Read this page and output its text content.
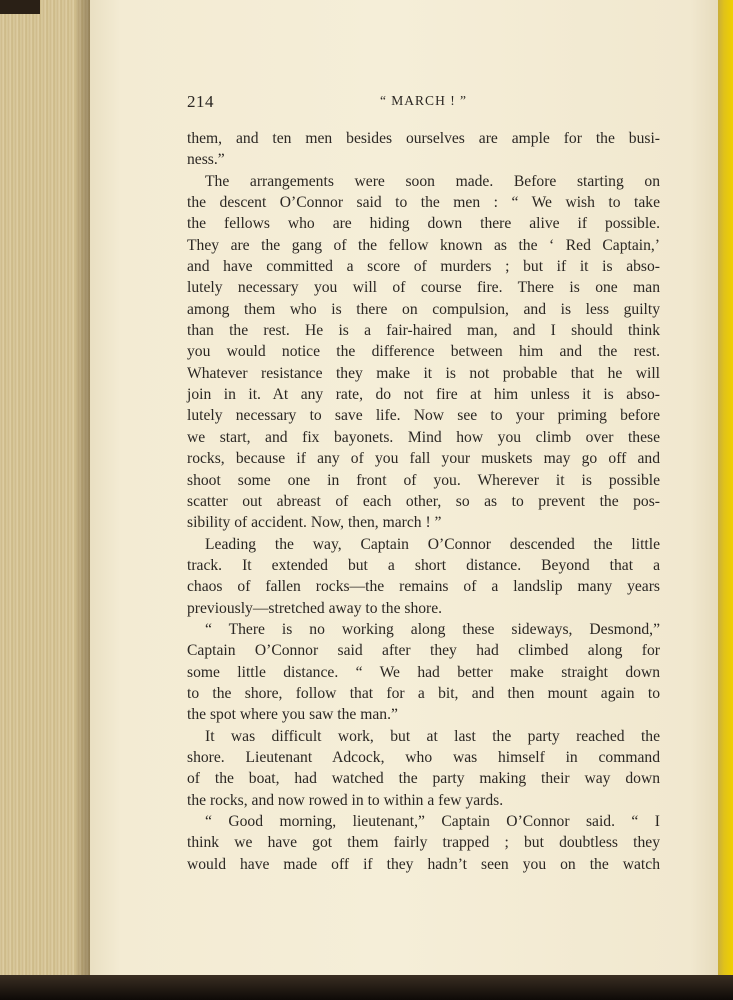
214	“ MARCH ! ”
them, and ten men besides ourselves are ample for the busi-
ness.”
The arrangements were soon made. Before starting on
the descent O’Connor said to the men : “ We wish to take
the fellows who are hiding down there alive if possible.
They are the gang of the fellow known as the ‘ Red Captain,’
and have committed a score of murders ; but if it is abso-
lutely necessary you will of course fire. There is one man
among them who is there on compulsion, and is less guilty
than the rest. He is a fair-haired man, and I should think
you would notice the difference between him and the rest.
Whatever resistance they make it is not probable that he will
join in it. At any rate, do not fire at him unless it is abso-
lutely necessary to save life. Now see to your priming before
we start, and fix bayonets. Mind how you climb over these
rocks, because if any of you fall your muskets may go off and
shoot some one in front of you. Wherever it is possible
scatter out abreast of each other, so as to prevent the pos-
sibility of accident. Now, then, march ! ”
Leading the way, Captain O’Connor descended the little
track. It extended but a short distance. Beyond that a
chaos of fallen rocks—the remains of a landslip many years
previously—stretched away to the shore.
“ There is no working along these sideways, Desmond,”
Captain O’Connor said after they had climbed along for
some little distance. “ We had better make straight down
to the shore, follow that for a bit, and then mount again to
the spot where you saw the man.”
It was difficult work, but at last the party reached the
shore. Lieutenant Adcock, who was himself in command
of the boat, had watched the party making their way down
the rocks, and now rowed in to within a few yards.
“ Good morning, lieutenant,” Captain O’Connor said. “ I
think we have got them fairly trapped ; but doubtless they
would have made off if they hadn’t seen you on the watch
